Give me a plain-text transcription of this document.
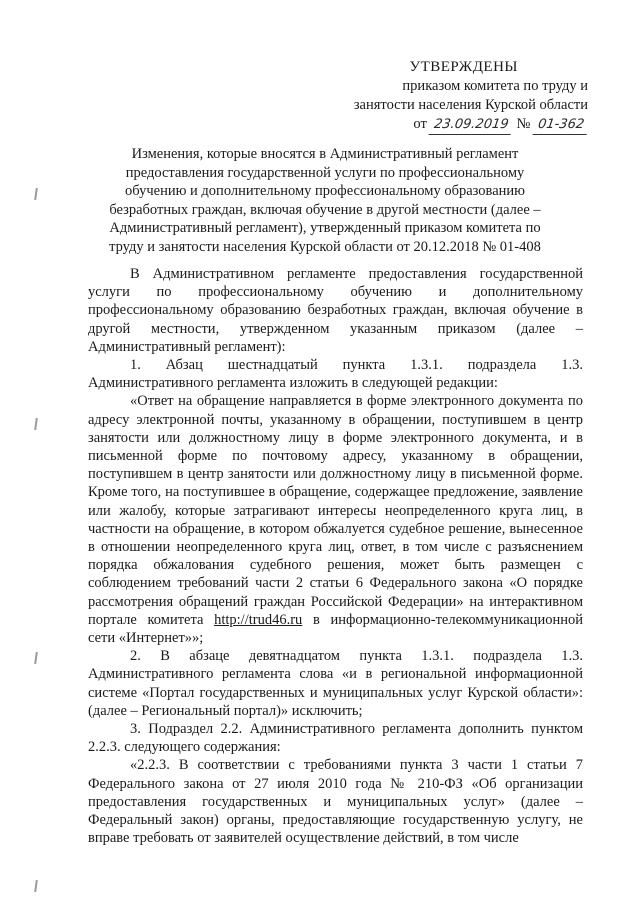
УТВЕРЖДЕНЫ
приказом комитета по труду и
занятости населения Курской области
от 23.09.2019 № 01-362
Изменения, которые вносятся в Административный регламент предоставления государственной услуги по профессиональному обучению и дополнительному профессиональному образованию безработных граждан, включая обучение в другой местности (далее – Административный регламент), утвержденный приказом комитета по труду и занятости населения Курской области от 20.12.2018 № 01-408

В Административном регламенте предоставления государственной услуги по профессиональному обучению и дополнительному профессиональному образованию безработных граждан, включая обучение в другой местности, утвержденном указанным приказом (далее – Административный регламент):

1. Абзац шестнадцатый пункта 1.3.1. подраздела 1.3. Административного регламента изложить в следующей редакции:

«Ответ на обращение направляется в форме электронного документа по адресу электронной почты, указанному в обращении, поступившем в центр занятости или должностному лицу в форме электронного документа, и в письменной форме по почтовому адресу, указанному в обращении, поступившем в центр занятости или должностному лицу в письменной форме. Кроме того, на поступившее в обращение, содержащее предложение, заявление или жалобу, которые затрагивают интересы неопределенного круга лиц, в частности на обращение, в котором обжалуется судебное решение, вынесенное в отношении неопределенного круга лиц, ответ, в том числе с разъяснением порядка обжалования судебного решения, может быть размещен с соблюдением требований части 2 статьи 6 Федерального закона «О порядке рассмотрения обращений граждан Российской Федерации» на интерактивном портале комитета http://trud46.ru в информационно-телекоммуникационной сети «Интернет»»;

2. В абзаце девятнадцатом пункта 1.3.1. подраздела 1.3. Административного регламента слова «и в региональной информационной системе «Портал государственных и муниципальных услуг Курской области»: (далее – Региональный портал)» исключить;

3. Подраздел 2.2. Административного регламента дополнить пунктом 2.2.3. следующего содержания:

«2.2.3. В соответствии с требованиями пункта 3 части 1 статьи 7 Федерального закона от 27 июля 2010 года № 210-ФЗ «Об организации предоставления государственных и муниципальных услуг» (далее – Федеральный закон) органы, предоставляющие государственную услугу, не вправе требовать от заявителей осуществление действий, в том числе
